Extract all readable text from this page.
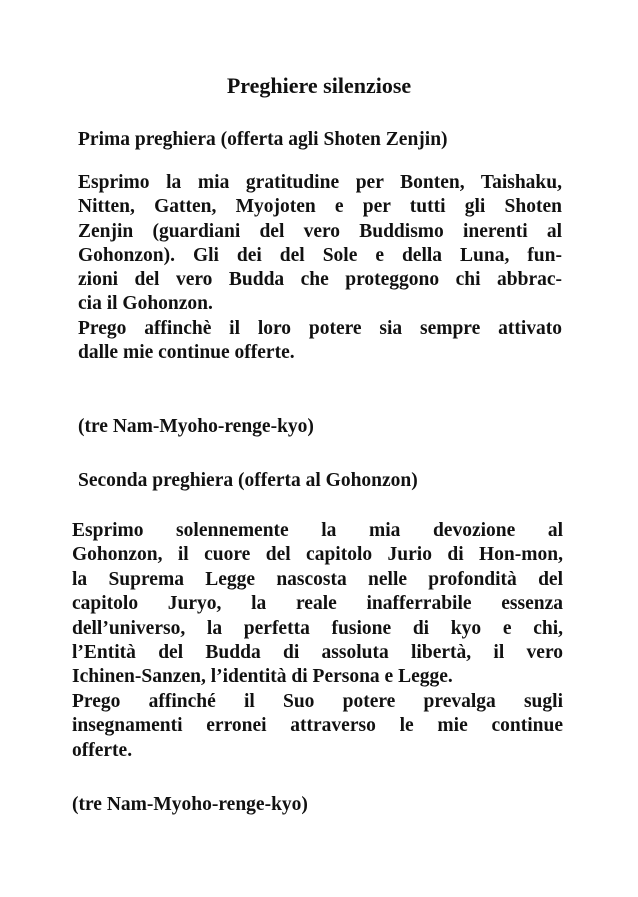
Preghiere silenziose
Prima preghiera (offerta agli Shoten Zenjin)
Esprimo la mia gratitudine per Bonten, Taishaku,
Nitten, Gatten, Myojoten e per tutti gli Shoten
Zenjin (guardiani del vero Buddismo inerenti al
Gohonzon). Gli dei del Sole e della Luna, fun-
zioni del vero Budda che proteggono chi abbrac-
cia il Gohonzon.
Prego affinchè il loro potere sia sempre attivato
dalle mie continue offerte.

(tre Nam-Myoho-renge-kyo)

Seconda preghiera (offerta al Gohonzon)
Esprimo solennemente la mia devozione al
Gohonzon, il cuore del capitolo Jurio di Hon-mon,
la Suprema Legge nascosta nelle profondità del
capitolo Juryo, la reale inafferrabile essenza
dell’universo, la perfetta fusione di kyo e chi,
l’Entità del Budda di assoluta libertà, il vero
Ichinen-Sanzen, l’identità di Persona e Legge.
Prego affinché il Suo potere prevalga sugli
insegnamenti erronei attraverso le mie continue
offerte.

(tre Nam-Myoho-renge-kyo)
